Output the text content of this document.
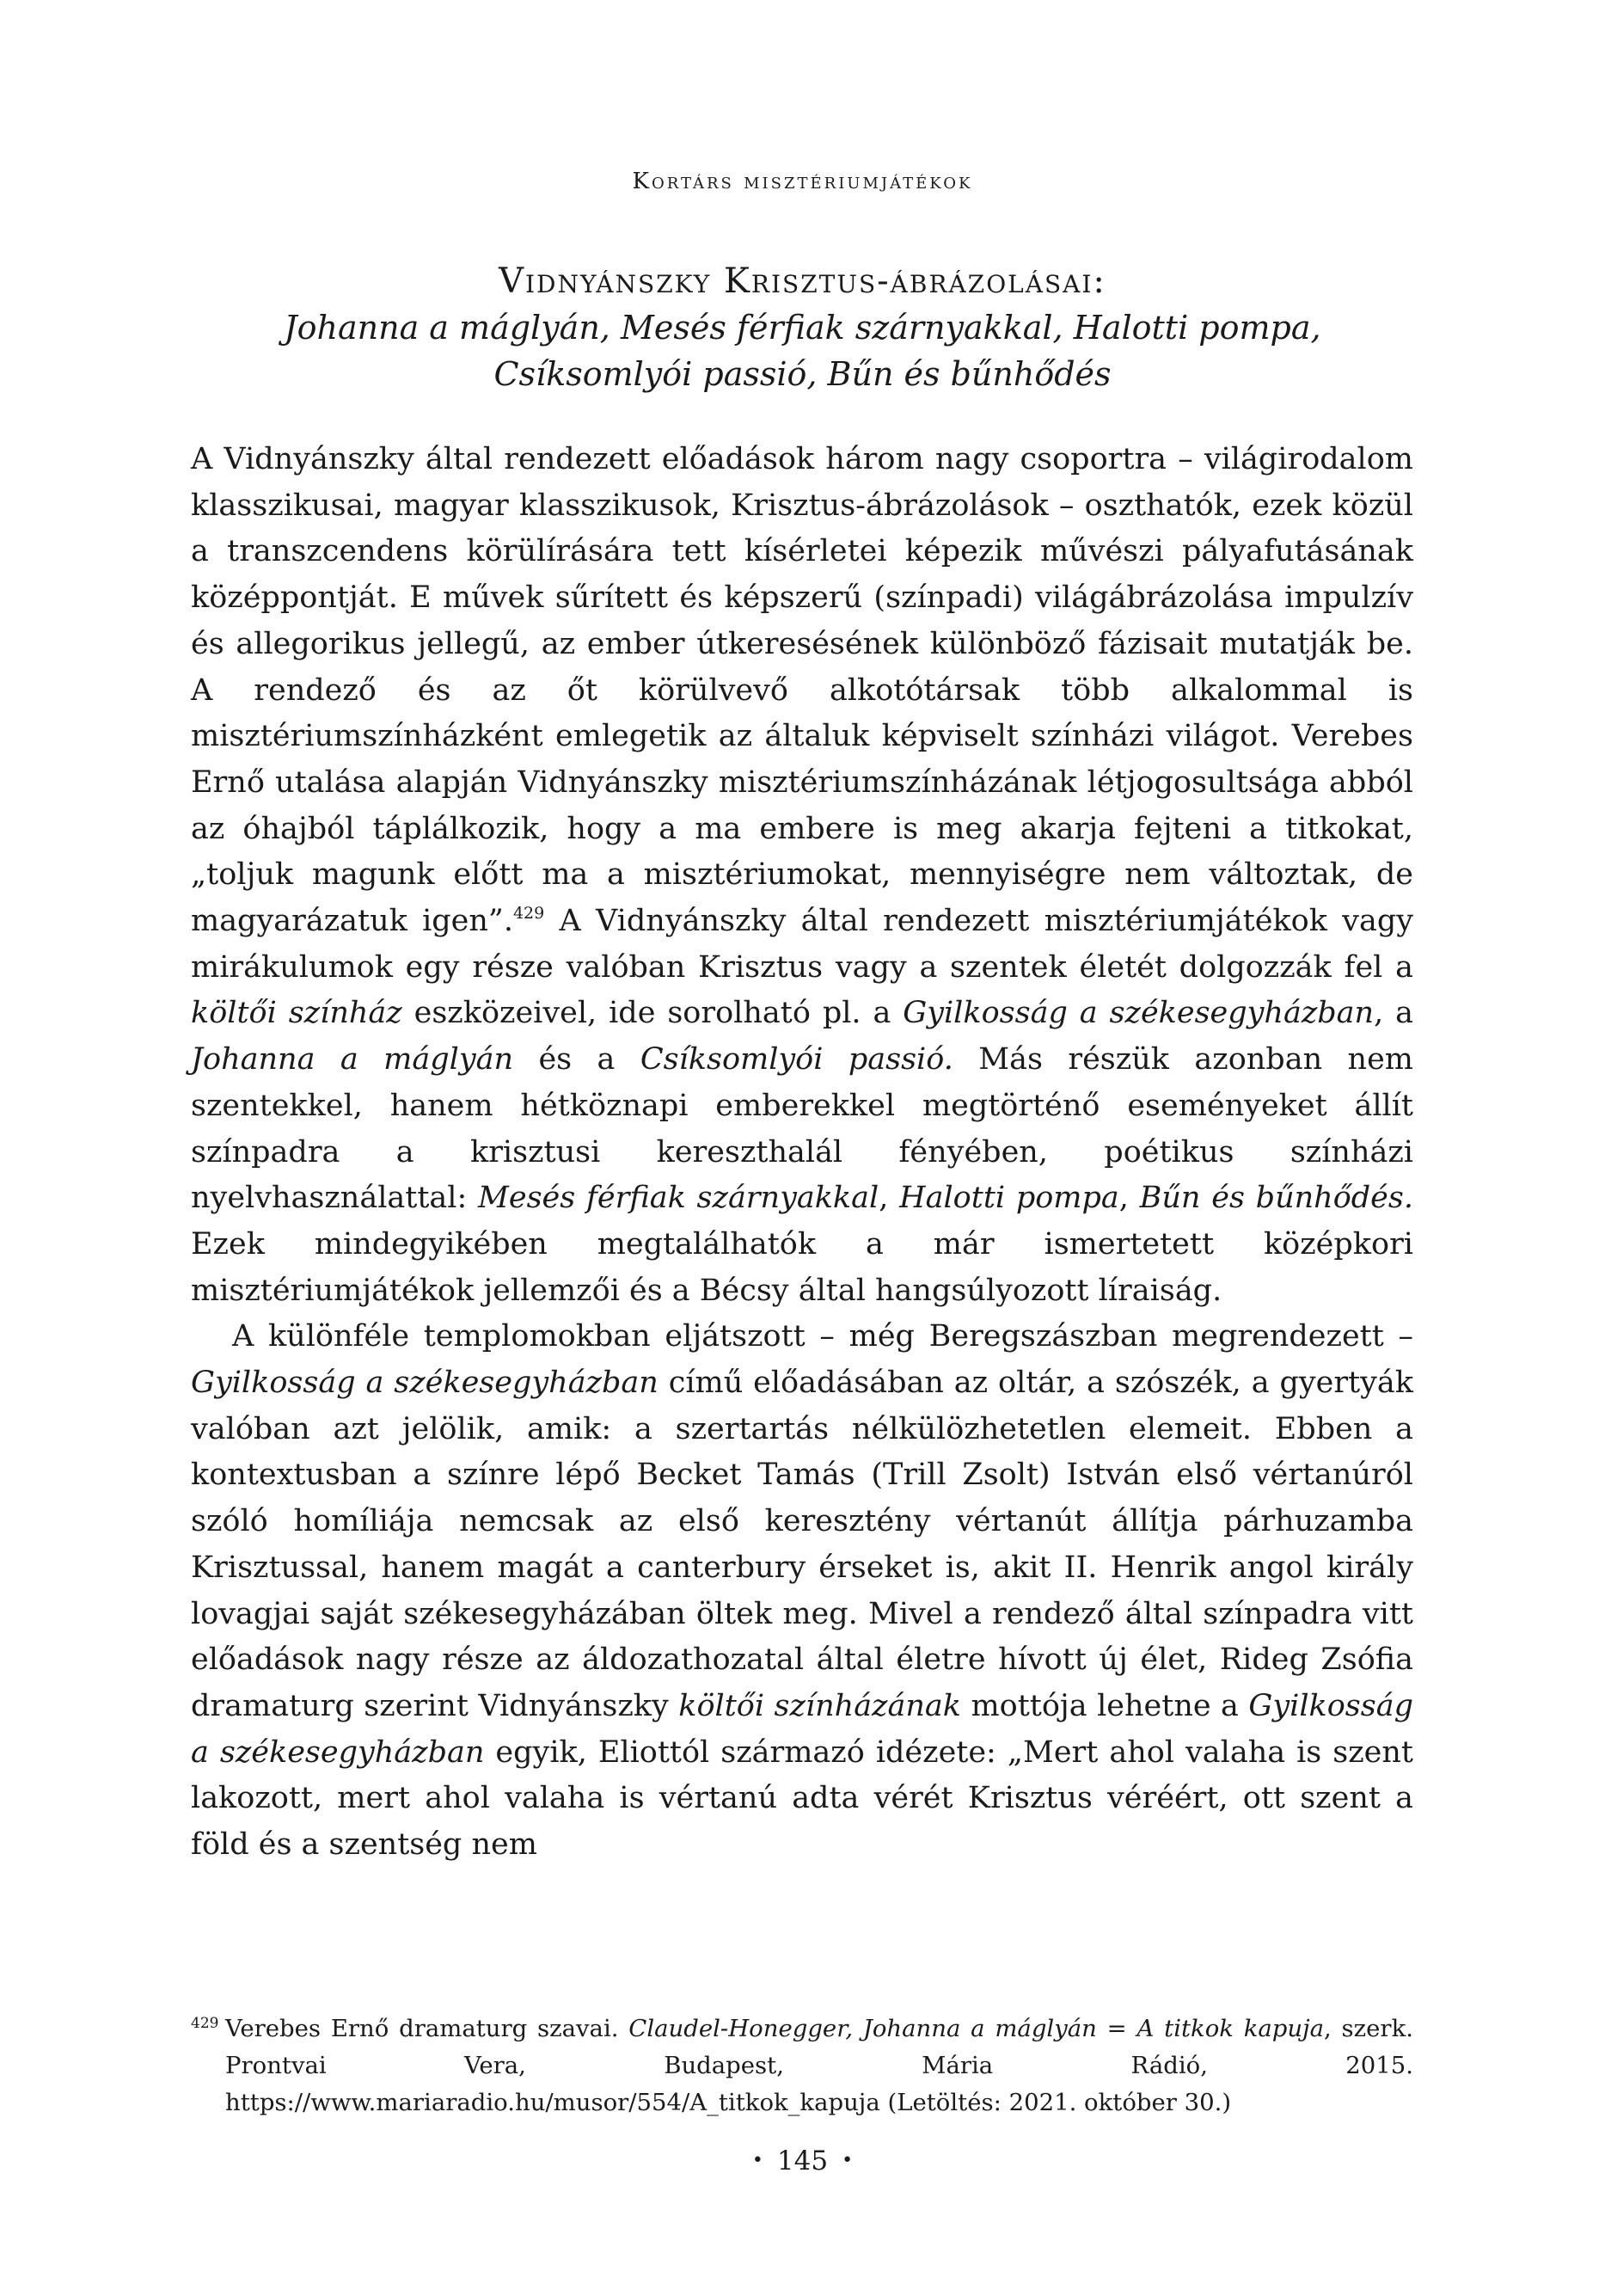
Kortárs misztériumjátékok
Vidnyánszky Krisztus-ábrázolásai:
Johanna a máglyán, Mesés férfiak szárnyakkal, Halotti pompa,
Csíksomlyói passió, Bűn és bűnhődés

A Vidnyánszky által rendezett előadások három nagy csoportra – világirodalom klasszikusai, magyar klasszikusok, Krisztus-ábrázolások – oszthatók, ezek közül a transzcendens körülírására tett kísérletei képezik művészi pályafutásának középpontját. E művek sűrített és képszerű (színpadi) világábrázolása impulzív és allegorikus jellegű, az ember útkeresésének különböző fázisait mutatják be. A rendező és az őt körülvevő alkotótársak több alkalommal is misztériumszínházként emlegetik az általuk képviselt színházi világot. Verebes Ernő utalása alapján Vidnyánszky misztériumszínházának létjogosultsága abból az óhajból táplálkozik, hogy a ma embere is meg akarja fejteni a titkokat, „toljuk magunk előtt ma a misztériumokat, mennyiségre nem változtak, de magyarázatuk igen”.$^{429}$ A Vidnyánszky által rendezett misztériumjátékok vagy mirákulumok egy része valóban Krisztus vagy a szentek életét dolgozzák fel a költői színház eszközeivel, ide sorolható pl. a Gyilkosság a székesegyházban, a Johanna a máglyán és a Csíksomlyói passió. Más részük azonban nem szentekkel, hanem hétköznapi emberekkel megtörténő eseményeket állít színpadra a krisztusi kereszthalál fényében, poétikus színházi nyelvhasználattal: Mesés férfiak szárnyakkal, Halotti pompa, Bűn és bűnhődés. Ezek mindegyikében megtalálhatók a már ismertetett középkori misztériumjátékok jellemzői és a Bécsy által hangsúlyozott líraiság.

A különféle templomokban eljátszott – még Beregszászban megrendezett – Gyilkosság a székesegyházban című előadásában az oltár, a szószék, a gyertyák valóban azt jelölik, amik: a szertartás nélkülözhetetlen elemeit. Ebben a kontextusban a színre lépő Becket Tamás (Trill Zsolt) István első vértanúról szóló homíliája nemcsak az első keresztény vértanút állítja párhuzamba Krisztussal, hanem magát a canterbury érseket is, akit II. Henrik angol király lovagjai saját székesegyházában öltek meg. Mivel a rendező által színpadra vitt előadások nagy része az áldozathozatal által életre hívott új élet, Rideg Zsófia dramaturg szerint Vidnyánszky költői színházának mottója lehetne a Gyilkosság a székesegyházban egyik, Eliottól származó idézete: „Mert ahol valaha is szent lakozott, mert ahol valaha is vértanú adta vérét Krisztus véréért, ott szent a föld és a szentség nem

429 Verebes Ernő dramaturg szavai. Claudel-Honegger, Johanna a máglyán = A titkok kapuja, szerk. Prontvai Vera, Budapest, Mária Rádió, 2015. https://www.mariaradio.hu/musor/554/A_titkok_kapuja (Letöltés: 2021. október 30.)
• 145 •
